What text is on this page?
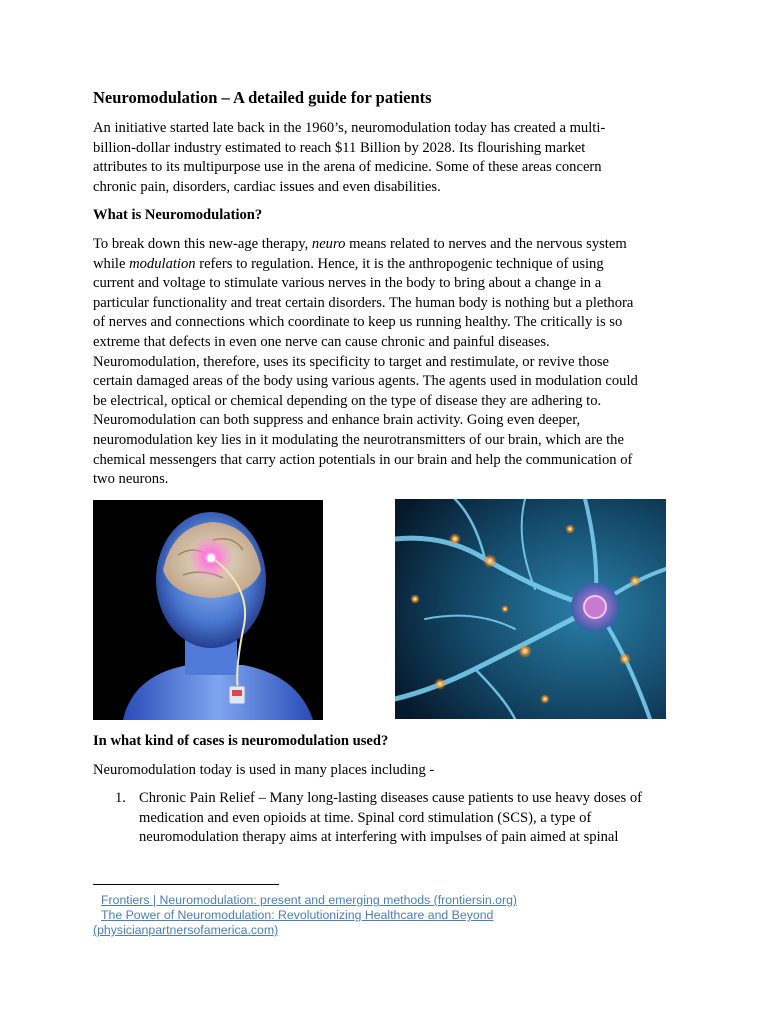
Neuromodulation – A detailed guide for patients
An initiative started late back in the 1960’s, neuromodulation today has created a multi-
billion-dollar industry estimated to reach $11 Billion by 2028. Its flourishing market
attributes to its multipurpose use in the arena of medicine. Some of these areas concern
chronic pain, disorders, cardiac issues and even disabilities.
What is Neuromodulation?
To break down this new-age therapy, neuro means related to nerves and the nervous system
while modulation refers to regulation. Hence, it is the anthropogenic technique of using
current and voltage to stimulate various nerves in the body to bring about a change in a
particular functionality and treat certain disorders. The human body is nothing but a plethora
of nerves and connections which coordinate to keep us running healthy. The critically is so
extreme that defects in even one nerve can cause chronic and painful diseases.
Neuromodulation, therefore, uses its specificity to target and restimulate, or revive those
certain damaged areas of the body using various agents. The agents used in modulation could
be electrical, optical or chemical depending on the type of disease they are adhering to.
Neuromodulation can both suppress and enhance brain activity. Going even deeper,
neuromodulation key lies in it modulating the neurotransmitters of our brain, which are the
chemical messengers that carry action potentials in our brain and help the communication of
two neurons.
In what kind of cases is neuromodulation used?
Neuromodulation today is used in many places including -
1. Chronic Pain Relief – Many long-lasting diseases cause patients to use heavy doses of
medication and even opioids at time. Spinal cord stimulation (SCS), a type of
neuromodulation therapy aims at interfering with impulses of pain aimed at spinal
Frontiers | Neuromodulation: present and emerging methods (frontiersin.org)
The Power of Neuromodulation: Revolutionizing Healthcare and Beyond
(physicianpartnersofamerica.com)
